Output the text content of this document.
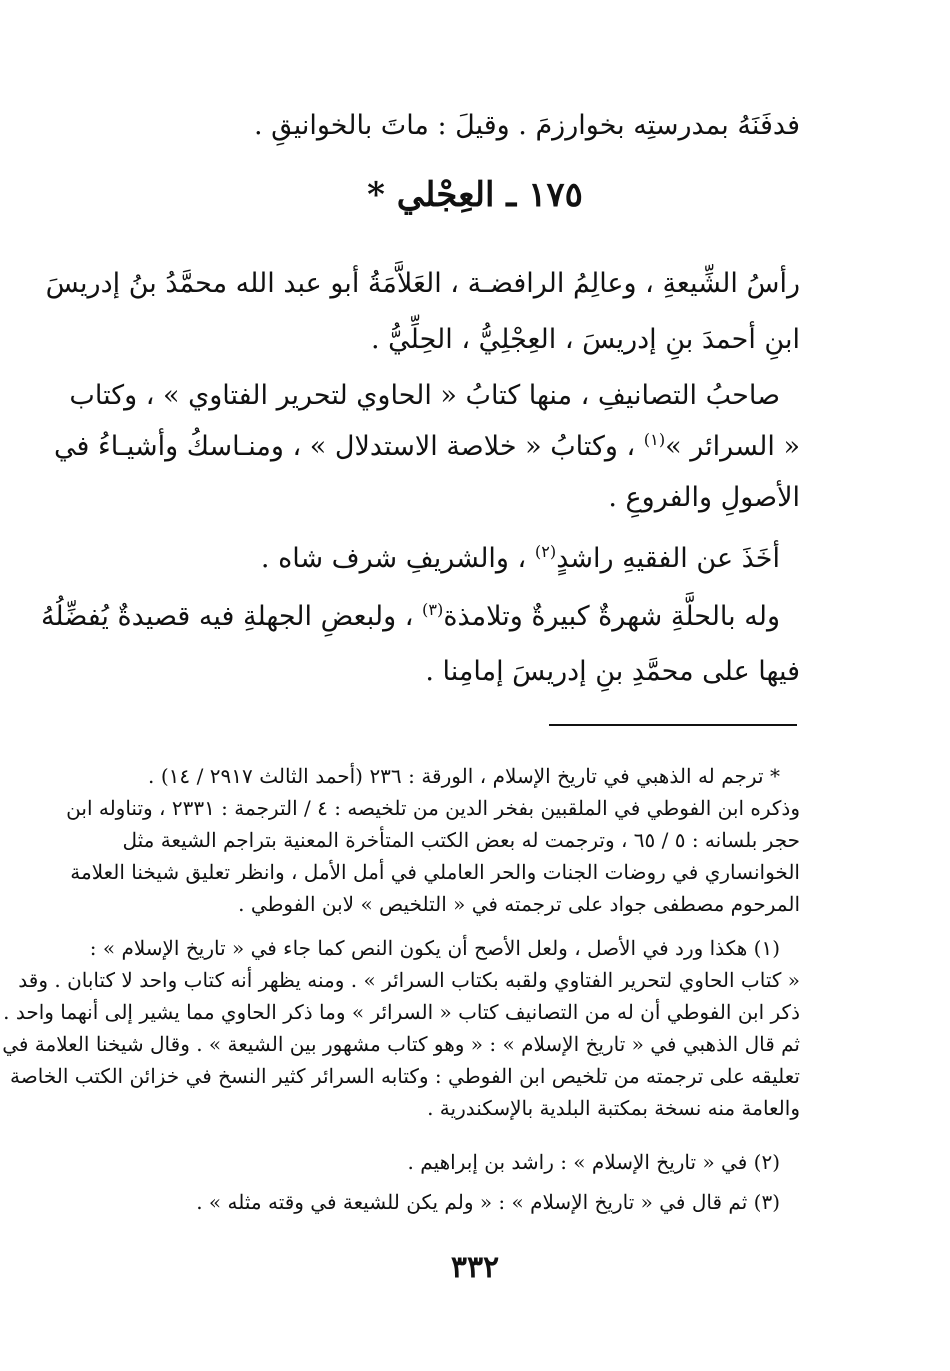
فدفَنَهُ بمدرستِه بخوارزمَ . وقيلَ : ماتَ بالخوانيقِ .
١٧٥ ـ العِجْلي *
رأسُ الشِّيعةِ ، وعالِمُ الرافضـة ، العَلاَّمَةُ أبو عبد الله محمَّدُ بنُ إدريسَ
ابنِ أحمدَ بنِ إدريسَ ، العِجْلِيُّ ، الحِلِّيُّ .
صاحبُ التصانيفِ ، منها كتابُ « الحاوي لتحرير الفتاوي » ، وكتاب
« السرائر »$^{(١)}$ ، وكتابُ « خلاصة الاستدلال » ، ومنـاسكُ وأشيـاءُ في
الأصولِ والفروعِ .
أخَذَ عن الفقيهِ راشدٍ$^{(٢)}$ ، والشريفِ شرف شاه .
وله بالحلَّةِ شهرةٌ كبيرةٌ وتلامذة$^{(٣)}$ ، ولبعضِ الجهلةِ فيه قصيدةٌ يُفضِّلُهُ
فيها على محمَّدِ بنِ إدريسَ إمامِنا .
* ترجم له الذهبي في تاريخ الإسلام ، الورقة : ٢٣٦ (أحمد الثالث ٢٩١٧ / ١٤) .
وذكره ابن الفوطي في الملقبين بفخر الدين من تلخيصه : ٤ / الترجمة : ٢٣٣١ ، وتناوله ابن
حجر بلسانه : ٥ / ٦٥ ، وترجمت له بعض الكتب المتأخرة المعنية بتراجم الشيعة مثل
الخوانساري في روضات الجنات والحر العاملي في أمل الأمل ، وانظر تعليق شيخنا العلامة
المرحوم مصطفى جواد على ترجمته في « التلخيص » لابن الفوطي .
(١) هكذا ورد في الأصل ، ولعل الأصح أن يكون النص كما جاء في « تاريخ الإسلام » :
« كتاب الحاوي لتحرير الفتاوي ولقبه بكتاب السرائر » . ومنه يظهر أنه كتاب واحد لا كتابان . وقد
ذكر ابن الفوطي أن له من التصانيف كتاب « السرائر » وما ذكر الحاوي مما يشير إلى أنهما واحد .
ثم قال الذهبي في « تاريخ الإسلام » : « وهو كتاب مشهور بين الشيعة » . وقال شيخنا العلامة في
تعليقه على ترجمته من تلخيص ابن الفوطي : وكتابه السرائر كثير النسخ في خزائن الكتب الخاصة
والعامة منه نسخة بمكتبة البلدية بالإسكندرية .
(٢) في « تاريخ الإسلام » : راشد بن إبراهيم .
(٣) ثم قال في « تاريخ الإسلام » : « ولم يكن للشيعة في وقته مثله » .
٣٣٢
